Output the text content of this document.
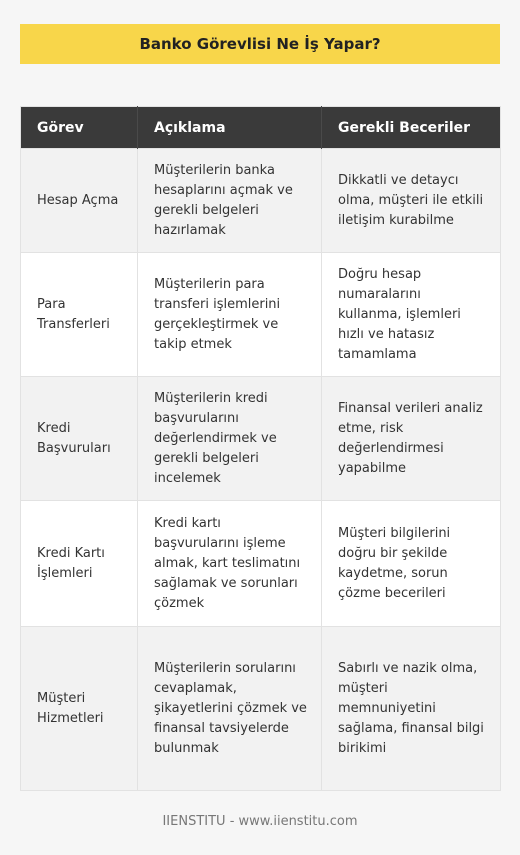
Banko Görevlisi Ne İş Yapar?
Görev	Açıklama	Gerekli Beceriler
Hesap Açma	Müşterilerin banka hesaplarını açmak ve gerekli belgeleri hazırlamak	Dikkatli ve detaycı olma, müşteri ile etkili iletişim kurabilme
Para Transferleri	Müşterilerin para transferi işlemlerini gerçekleştirmek ve takip etmek	Doğru hesap numaralarını kullanma, işlemleri hızlı ve hatasız tamamlama
Kredi Başvuruları	Müşterilerin kredi başvurularını değerlendirmek ve gerekli belgeleri incelemek	Finansal verileri analiz etme, risk değerlendirmesi yapabilme
Kredi Kartı İşlemleri	Kredi kartı başvurularını işleme almak, kart teslimatını sağlamak ve sorunları çözmek	Müşteri bilgilerini doğru bir şekilde kaydetme, sorun çözme becerileri
Müşteri Hizmetleri	Müşterilerin sorularını cevaplamak, şikayetlerini çözmek ve finansal tavsiyelerde bulunmak	Sabırlı ve nazik olma, müşteri memnuniyetini sağlama, finansal bilgi birikimi
IIENSTITU - www.iienstitu.com
